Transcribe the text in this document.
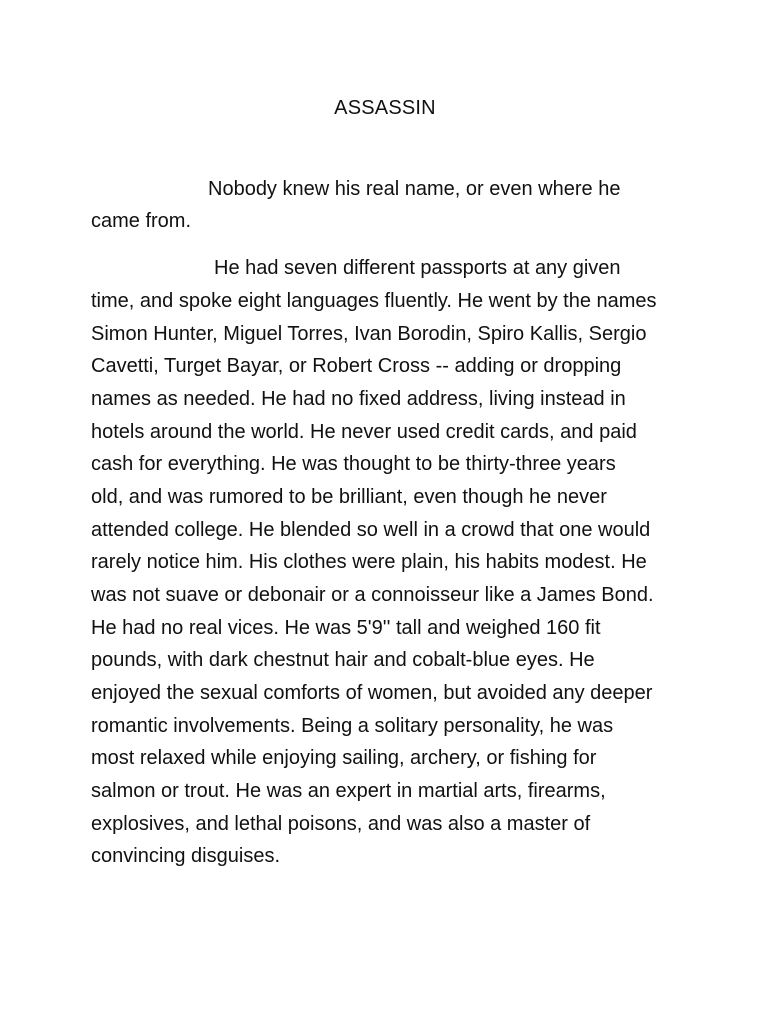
ASSASSIN
Nobody knew his real name, or even where he
came from.
He had seven different passports at any given
time, and spoke eight languages fluently. He went by the names
Simon Hunter, Miguel Torres, Ivan Borodin, Spiro Kallis, Sergio
Cavetti, Turget Bayar, or Robert Cross -- adding or dropping
names as needed. He had no fixed address, living instead in
hotels around the world. He never used credit cards, and paid
cash for everything. He was thought to be thirty-three years
old, and was rumored to be brilliant, even though he never
attended college. He blended so well in a crowd that one would
rarely notice him. His clothes were plain, his habits modest. He
was not suave or debonair or a connoisseur like a James Bond.
He had no real vices. He was 5'9'' tall and weighed 160 fit
pounds, with dark chestnut hair and cobalt-blue eyes. He
enjoyed the sexual comforts of women, but avoided any deeper
romantic involvements. Being a solitary personality, he was
most relaxed while enjoying sailing, archery, or fishing for
salmon or trout. He was an expert in martial arts, firearms,
explosives, and lethal poisons, and was also a master of
convincing disguises.
